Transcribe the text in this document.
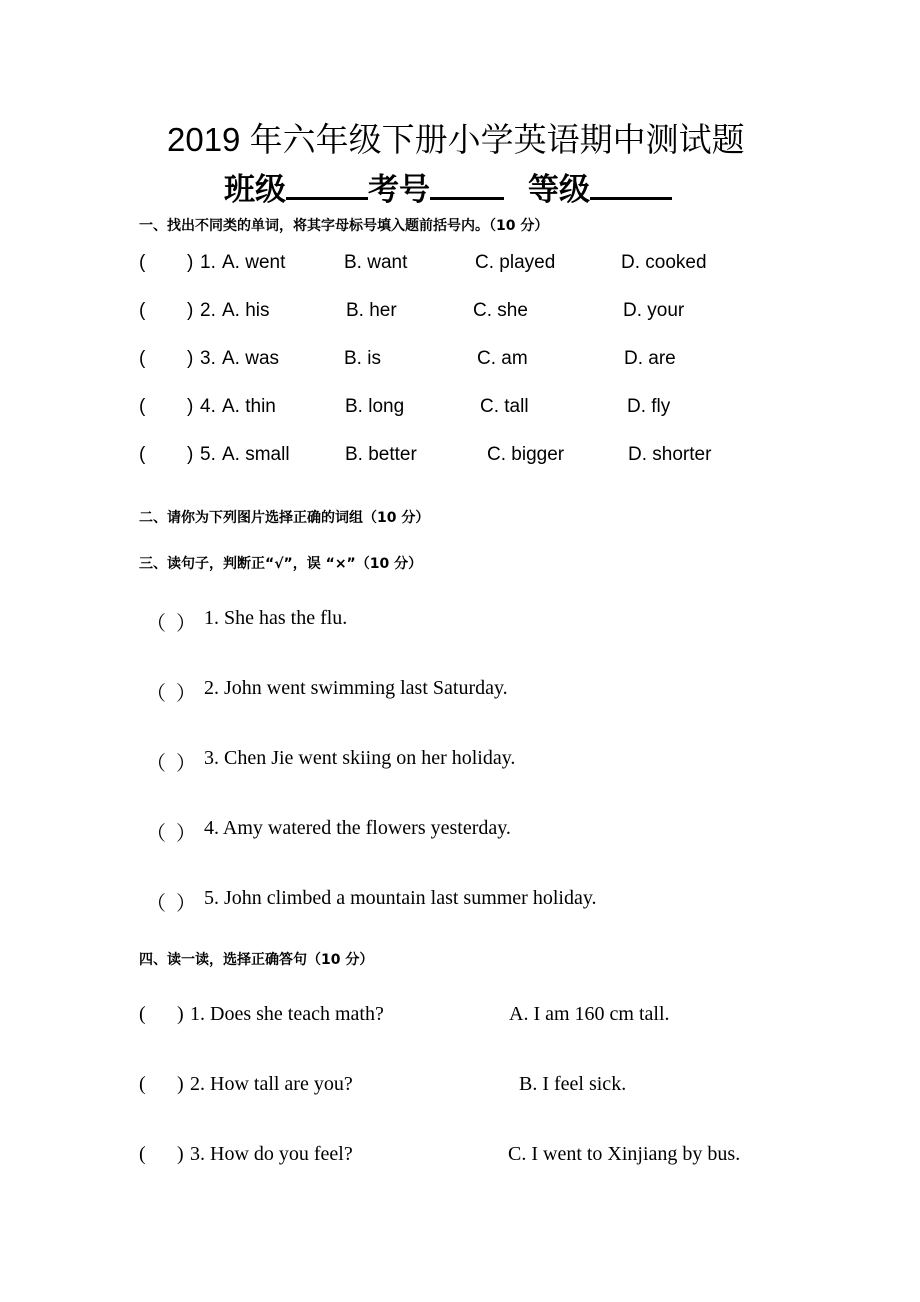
2019 年六年级下册小学英语期中测试题
班级	考号	等级
一、找出不同类的单词，将其字母标号填入题前括号内。（10 分）
( ) 1. A. went	B. want	C. played	D. cooked
( ) 2. A. his	B. her	C. she	D. your
( ) 3. A. was	B. is	C. am	D. are
( ) 4. A. thin	B. long	C. tall	D. fly
( ) 5. A. small	B. better	C. bigger	D. shorter
二、请你为下列图片选择正确的词组（10 分）
三、读句子，判断正“√”，误 “×”（10 分）
（ ） 1. She has the flu.
（ ） 2. John went swimming last Saturday.
（ ） 3. Chen Jie went skiing on her holiday.
（ ） 4. Amy watered the flowers yesterday.
（ ） 5. John climbed a mountain last summer holiday.
四、读一读，选择正确答句（10 分）
( ) 1. Does she teach math?	A. I am 160 cm tall.
( ) 2. How tall are you?	B. I feel sick.
( ) 3. How do you feel?	C. I went to Xinjiang by bus.
